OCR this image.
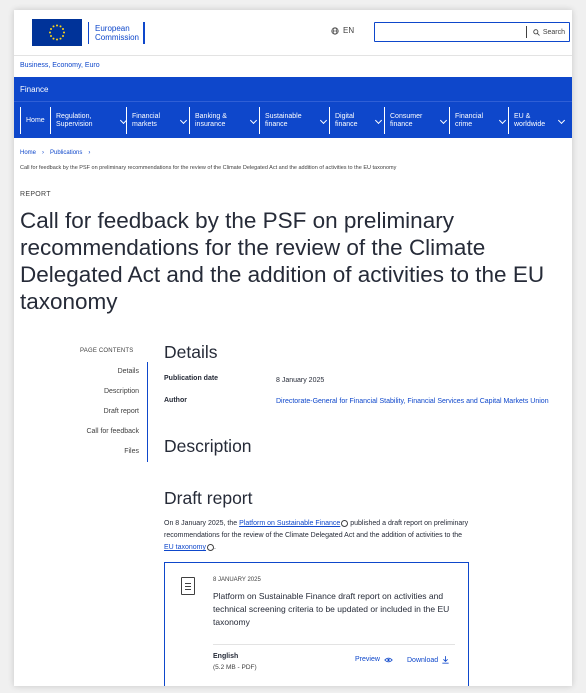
European
Commission
EN	Search
Business, Economy, Euro
Finance
Home
Regulation, Supervision
Financial markets
Banking & insurance
Sustainable finance
Digital finance
Consumer finance
Financial crime
EU & worldwide
Home › Publications ›
Call for feedback by the PSF on preliminary recommendations for the review of the Climate Delegated Act and the addition of activities to the EU taxonomy
REPORT
Call for feedback by the PSF on preliminary recommendations for the review of the Climate Delegated Act and the addition of activities to the EU taxonomy
PAGE CONTENTS
Details
Description
Draft report
Call for feedback
Files
Details
Publication date	8 January 2025
Author	Directorate-General for Financial Stability, Financial Services and Capital Markets Union
Description
Draft report

On 8 January 2025, the Platform on Sustainable Finance published a draft report on preliminary recommendations for the review of the Climate Delegated Act and the addition of activities to the EU taxonomy .

8 JANUARY 2025
Platform on Sustainable Finance draft report on activities and technical screening criteria to be updated or included in the EU taxonomy
English
(5.2 MB - PDF)
Preview	Download
